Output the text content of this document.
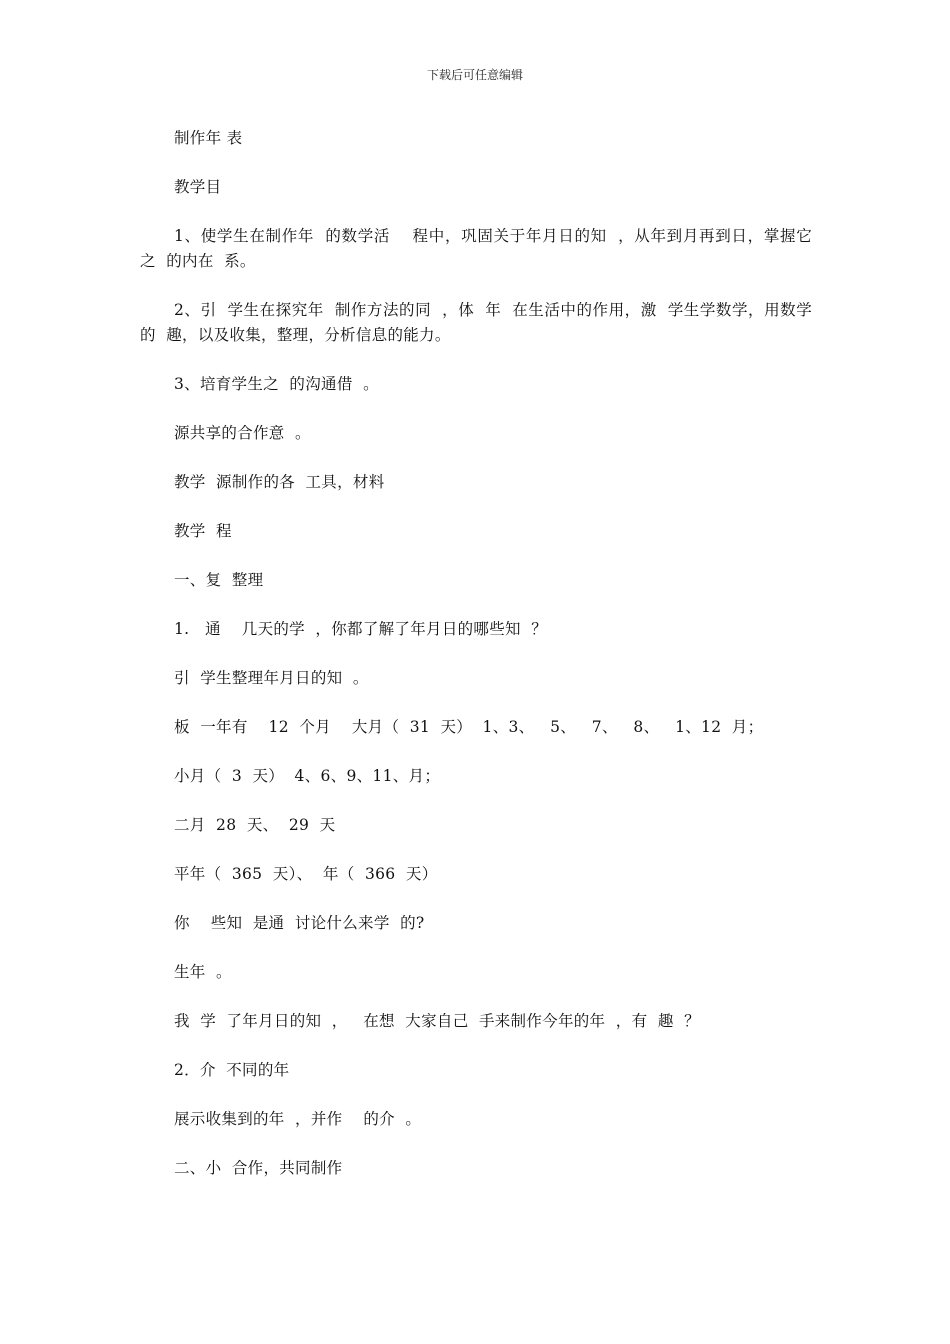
下载后可任意编辑

制作年 表

教学目

1、使学生在制作年  的数学活    程中，巩固关于年月日的知  ，从年到月再到日，掌握它  之  的内在  系。

2、引  学生在探究年  制作方法的同  ，体  年  在生活中的作用，激  学生学数学，用数学的  趣，以及收集，整理，分析信息的能力。

3、培育学生之  的沟通借  。

源共享的合作意  。

教学  源制作的各  工具，材料

教学  程

一、复  整理

1.   通    几天的学  ，你都了解了年月日的哪些知  ？

引  学生整理年月日的知  。

板  一年有    12  个月    大月（  31  天）  1、3、   5、   7、   8、   1、12  月；

小月（  3  天）  4、6、9、11、月；

二月  28  天、  29  天

平年（  365  天）、  年（  366  天）

你    些知  是通  讨论什么来学  的?

生年  。

我  学  了年月日的知  ，   在想  大家自己  手来制作今年的年  ，有  趣  ？

2．介  不同的年

展示收集到的年  ，并作    的介  。

二、小  合作，共同制作
